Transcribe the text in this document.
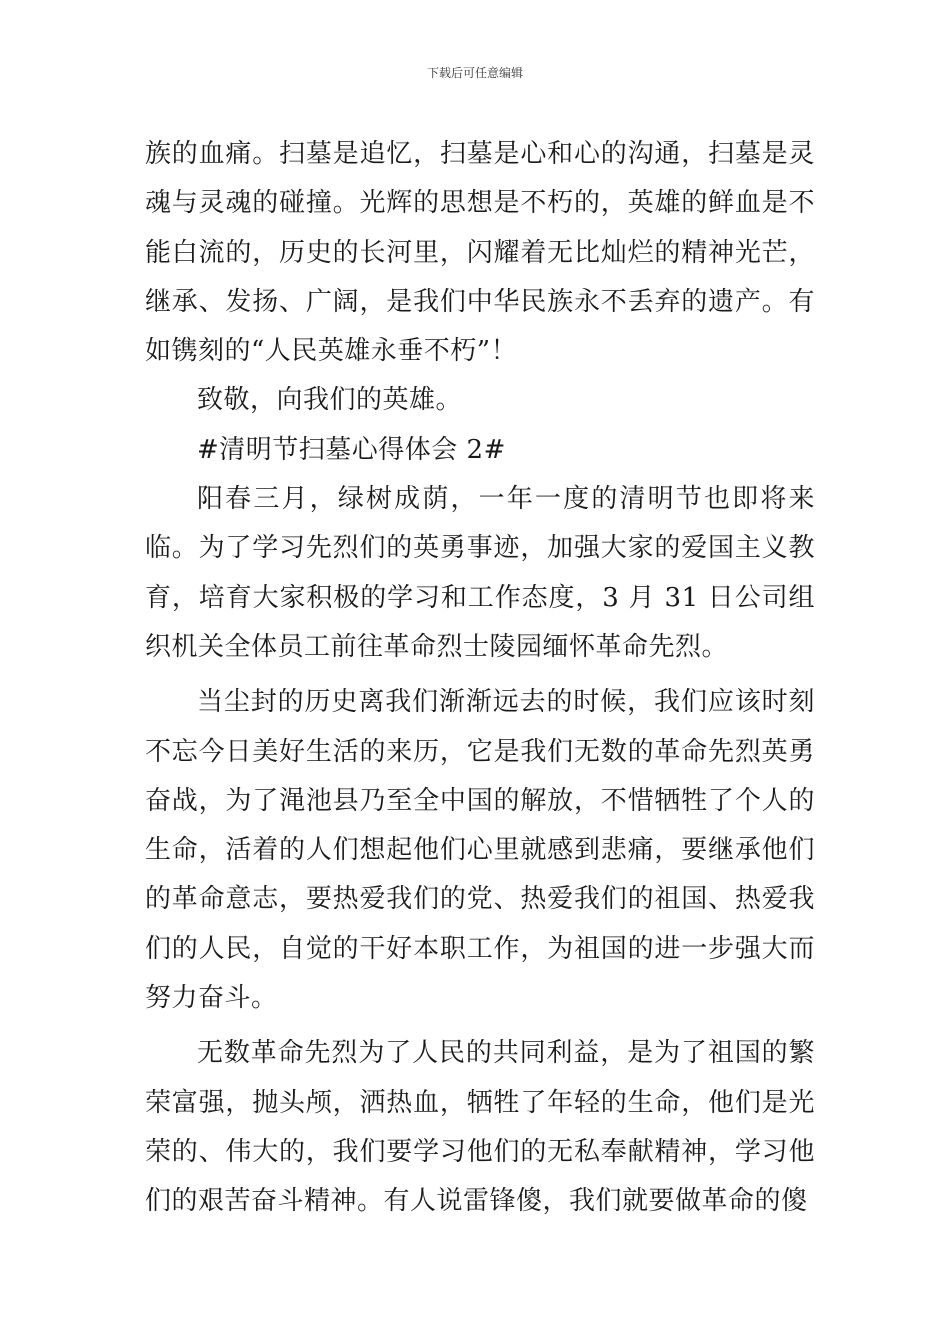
下载后可任意编辑

族的血痛。扫墓是追忆，扫墓是心和心的沟通，扫墓是灵魂与灵魂的碰撞。光辉的思想是不朽的，英雄的鲜血是不能白流的，历史的长河里，闪耀着无比灿烂的精神光芒，继承、发扬、广阔，是我们中华民族永不丢弃的遗产。有如镌刻的“人民英雄永垂不朽”！

致敬，向我们的英雄。

#清明节扫墓心得体会 2#

阳春三月，绿树成荫，一年一度的清明节也即将来临。为了学习先烈们的英勇事迹，加强大家的爱国主义教育，培育大家积极的学习和工作态度，3 月 31 日公司组织机关全体员工前往革命烈士陵园缅怀革命先烈。

当尘封的历史离我们渐渐远去的时候，我们应该时刻不忘今日美好生活的来历，它是我们无数的革命先烈英勇奋战，为了渑池县乃至全中国的解放，不惜牺牲了个人的生命，活着的人们想起他们心里就感到悲痛，要继承他们的革命意志，要热爱我们的党、热爱我们的祖国、热爱我们的人民，自觉的干好本职工作，为祖国的进一步强大而努力奋斗。

无数革命先烈为了人民的共同利益，是为了祖国的繁荣富强，抛头颅，洒热血，牺牲了年轻的生命，他们是光荣的、伟大的，我们要学习他们的无私奉献精神，学习他们的艰苦奋斗精神。有人说雷锋傻，我们就要做革命的傻
